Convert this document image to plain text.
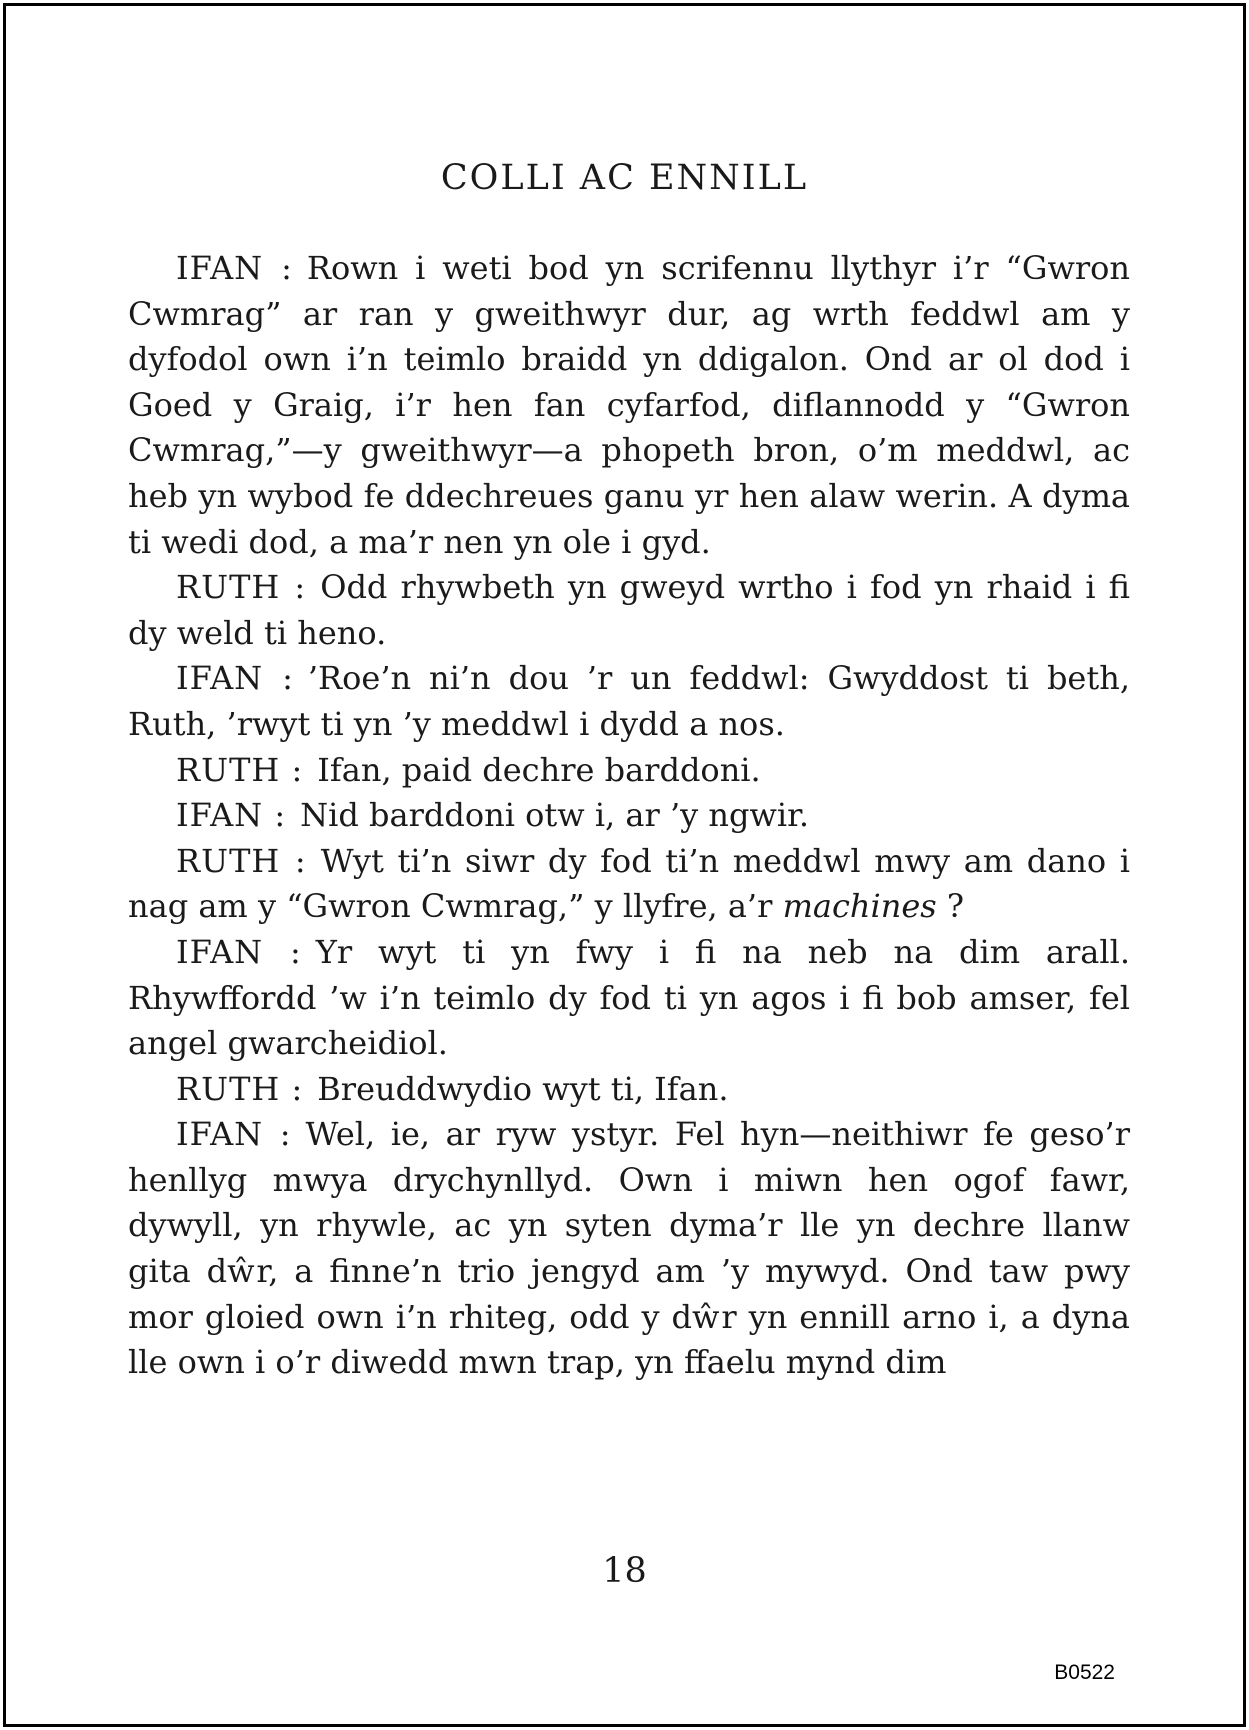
COLLI AC ENNILL

IFAN : Rown i weti bod yn scrifennu llythyr i’r “Gwron Cwmrag” ar ran y gweithwyr dur, ag wrth feddwl am y dyfodol own i’n teimlo braidd yn ddigalon. Ond ar ol dod i Goed y Graig, i’r hen fan cyfarfod, diflannodd y “Gwron Cwmrag,”—y gweithwyr—a phopeth bron, o’m meddwl, ac heb yn wybod fe ddechreues ganu yr hen alaw werin. A dyma ti wedi dod, a ma’r nen yn ole i gyd.

RUTH : Odd rhywbeth yn gweyd wrtho i fod yn rhaid i fi dy weld ti heno.

IFAN : ’Roe’n ni’n dou ’r un feddwl: Gwyddost ti beth, Ruth, ’rwyt ti yn ’y meddwl i dydd a nos.

RUTH : Ifan, paid dechre barddoni.

IFAN : Nid barddoni otw i, ar ’y ngwir.

RUTH : Wyt ti’n siwr dy fod ti’n meddwl mwy am dano i nag am y “Gwron Cwmrag,” y llyfre, a’r machines ?

IFAN : Yr wyt ti yn fwy i fi na neb na dim arall. Rhywffordd ’w i’n teimlo dy fod ti yn agos i fi bob amser, fel angel gwarcheidiol.

RUTH : Breuddwydio wyt ti, Ifan.

IFAN : Wel, ie, ar ryw ystyr. Fel hyn—neithiwr fe geso’r henllyg mwya drychynllyd. Own i miwn hen ogof fawr, dywyll, yn rhywle, ac yn syten dyma’r lle yn dechre llanw gita dŵr, a finne’n trio jengyd am ’y mywyd. Ond taw pwy mor gloied own i’n rhiteg, odd y dŵr yn ennill arno i, a dyna lle own i o’r diwedd mwn trap, yn ffaelu mynd dim

18
B0522
